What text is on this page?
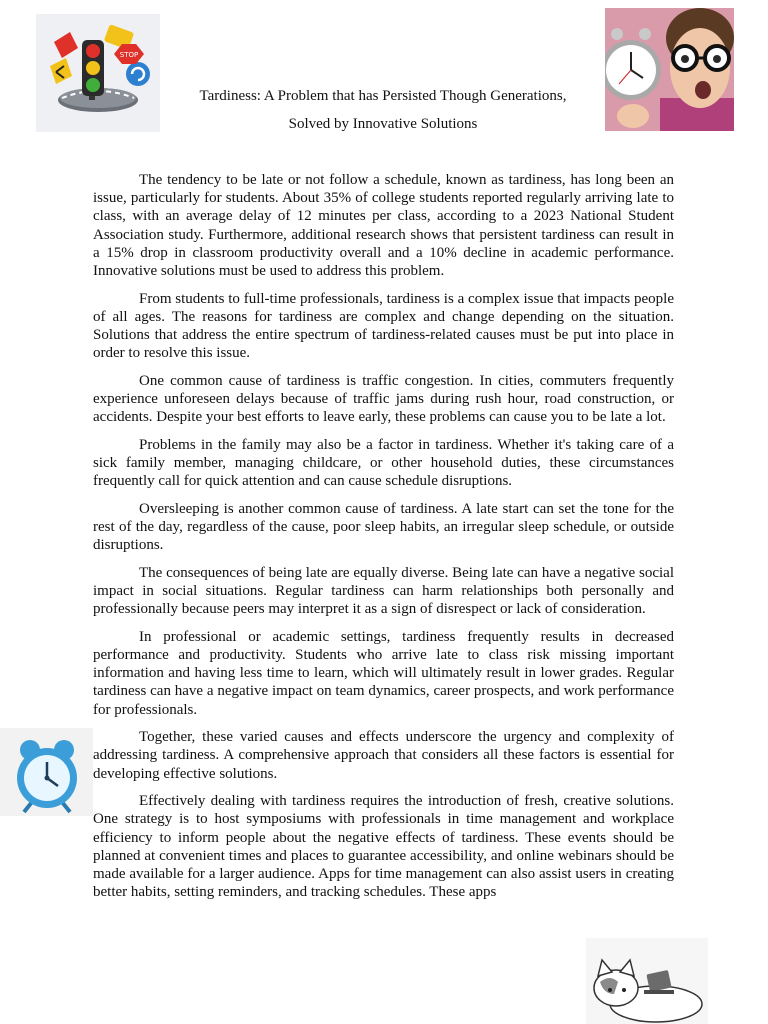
STOP
Tardiness: A Problem that has Persisted Though Generations,
Solved by Innovative Solutions

The tendency to be late or not follow a schedule, known as tardiness, has long been an issue, particularly for students. About 35% of college students reported regularly arriving late to class, with an average delay of 12 minutes per class, according to a 2023 National Student Association study. Furthermore, additional research shows that persistent tardiness can result in a 15% drop in classroom productivity overall and a 10% decline in academic performance. Innovative solutions must be used to address this problem.

From students to full-time professionals, tardiness is a complex issue that impacts people of all ages. The reasons for tardiness are complex and change depending on the situation. Solutions that address the entire spectrum of tardiness-related causes must be put into place in order to resolve this issue.

One common cause of tardiness is traffic congestion. In cities, commuters frequently experience unforeseen delays because of traffic jams during rush hour, road construction, or accidents. Despite your best efforts to leave early, these problems can cause you to be late a lot.

Problems in the family may also be a factor in tardiness. Whether it's taking care of a sick family member, managing childcare, or other household duties, these circumstances frequently call for quick attention and can cause schedule disruptions.

Oversleeping is another common cause of tardiness. A late start can set the tone for the rest of the day, regardless of the cause, poor sleep habits, an irregular sleep schedule, or outside disruptions.

The consequences of being late are equally diverse. Being late can have a negative social impact in social situations. Regular tardiness can harm relationships both personally and professionally because peers may interpret it as a sign of disrespect or lack of consideration.

In professional or academic settings, tardiness frequently results in decreased performance and productivity. Students who arrive late to class risk missing important information and having less time to learn, which will ultimately result in lower grades. Regular tardiness can have a negative impact on team dynamics, career prospects, and work performance for professionals.

Together, these varied causes and effects underscore the urgency and complexity of addressing tardiness. A comprehensive approach that considers all these factors is essential for developing effective solutions.

Effectively dealing with tardiness requires the introduction of fresh, creative solutions. One strategy is to host symposiums with professionals in time management and workplace efficiency to inform people about the negative effects of tardiness. These events should be planned at convenient times and places to guarantee accessibility, and online webinars should be made available for a larger audience. Apps for time management can also assist users in creating better habits, setting reminders, and tracking schedules. These apps
